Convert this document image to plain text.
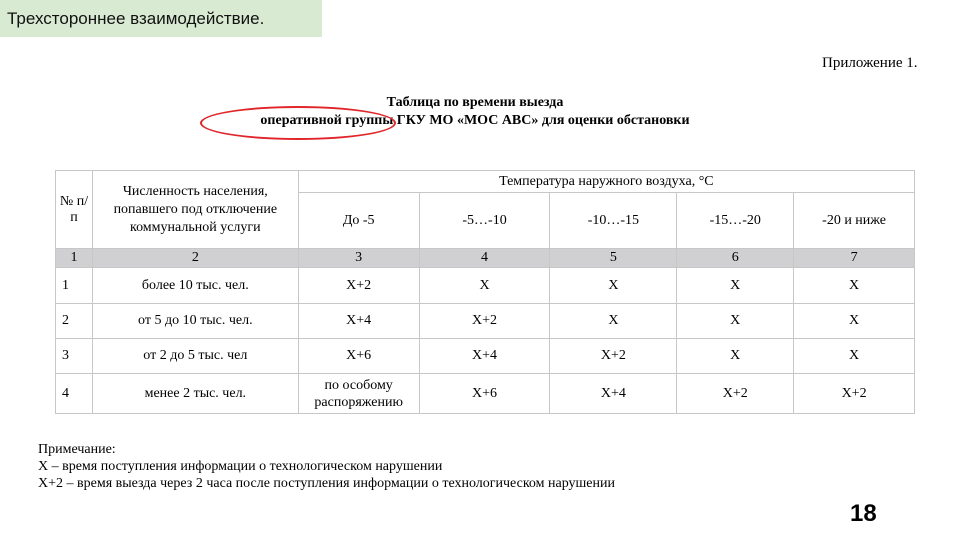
Трехстороннее взаимодействие.
Приложение 1.
Таблица по времени выезда
оперативной группы ГКУ МО «МОС АВС» для оценки обстановки
№ п/п	Численность населения, попавшего под отключение коммунальной услуги	Температура наружного воздуха, °С				
		До -5	-5…-10	-10…-15	-15…-20	-20 и ниже
1	2	3	4	5	6	7
1	более 10 тыс. чел.	Х+2	Х	Х	Х	Х
2	от 5 до 10 тыс. чел.	Х+4	Х+2	Х	Х	Х
3	от 2 до 5 тыс. чел	Х+6	Х+4	Х+2	Х	Х
4	менее 2 тыс. чел.	по особому распоряжению	Х+6	Х+4	Х+2	Х+2
Примечание:
Х – время поступления информации о технологическом нарушении
Х+2 – время выезда через 2 часа после поступления информации о технологическом нарушении
18
